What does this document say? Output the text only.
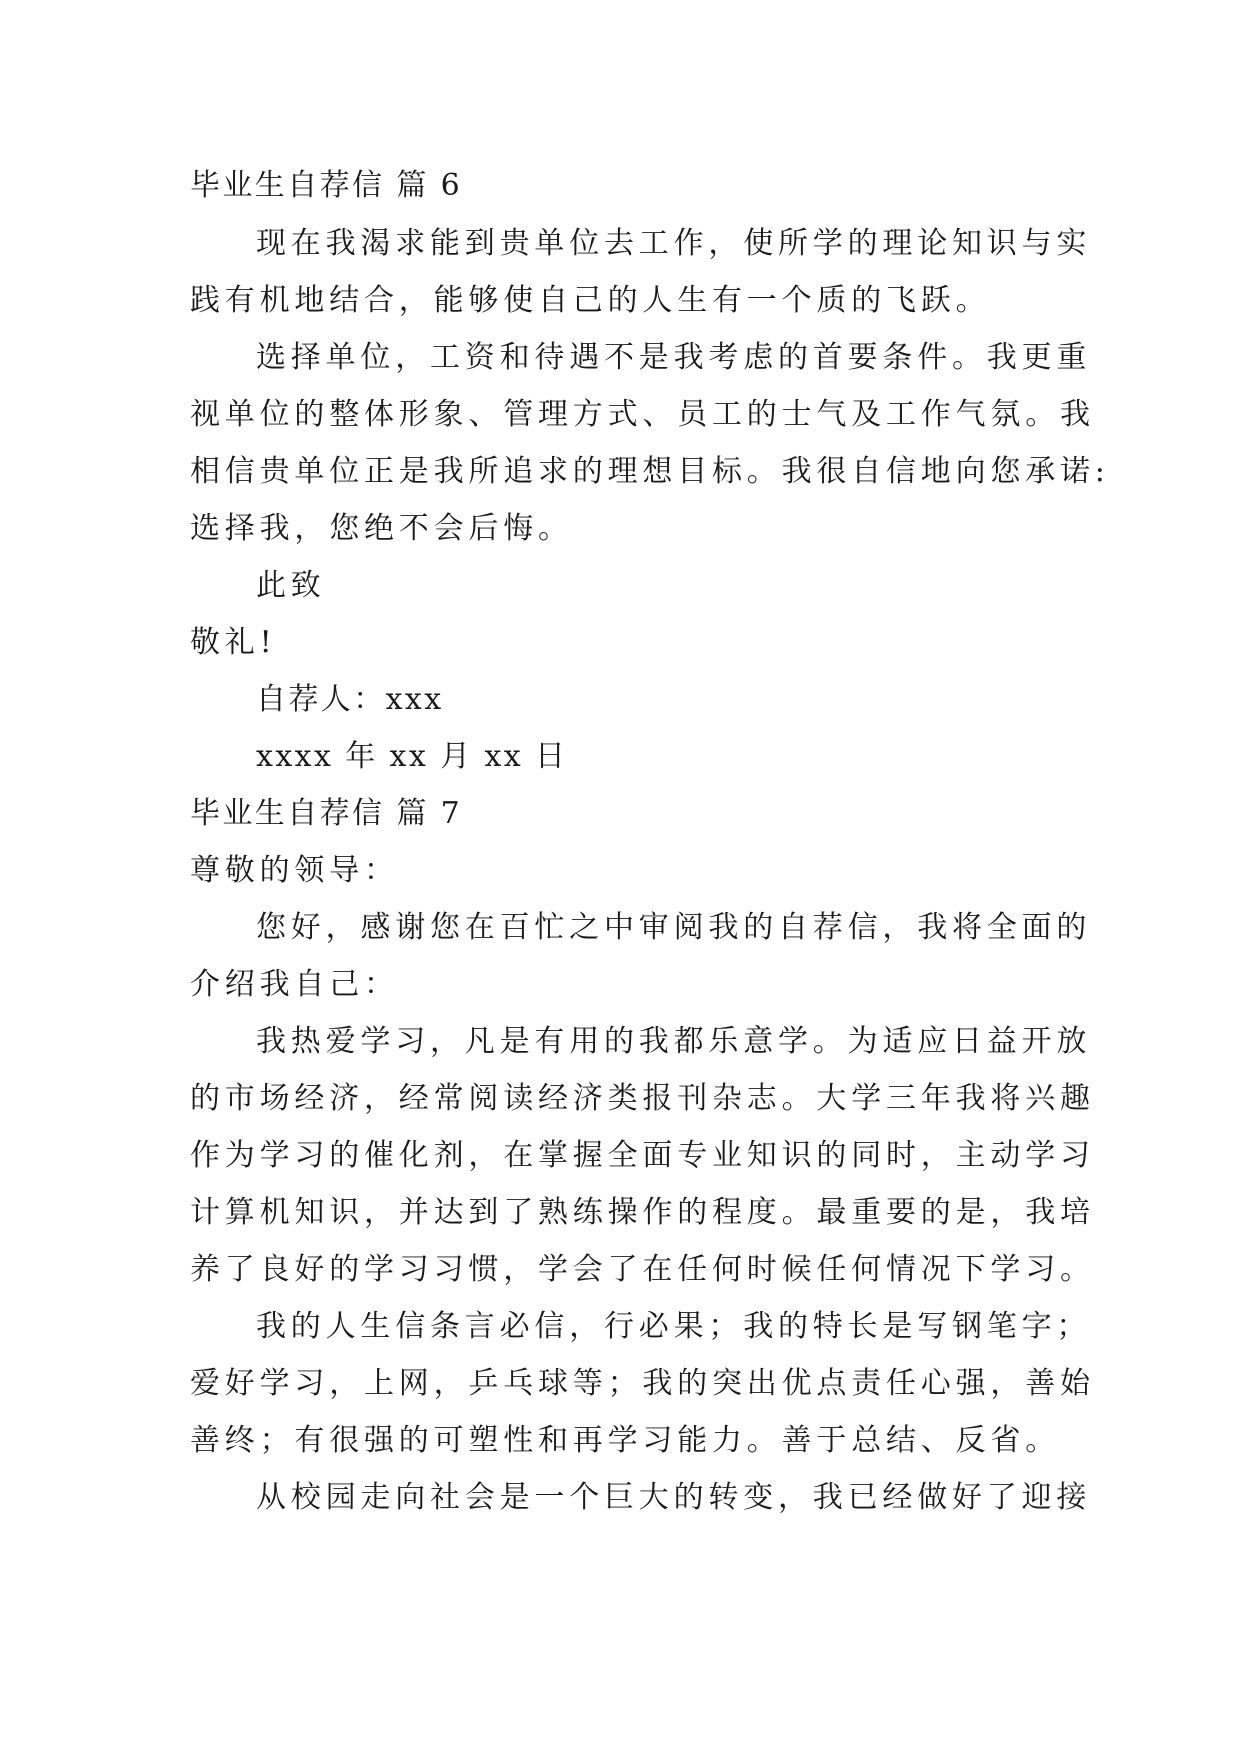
毕业生自荐信 篇 6
现在我渴求能到贵单位去工作，使所学的理论知识与实
践有机地结合，能够使自己的人生有一个质的飞跃。
选择单位，工资和待遇不是我考虑的首要条件。我更重
视单位的整体形象、管理方式、员工的士气及工作气氛。我
相信贵单位正是我所追求的理想目标。我很自信地向您承诺:
选择我，您绝不会后悔。
此致
敬礼!
自荐人：xxx
xxxx 年 xx 月 xx 日
毕业生自荐信 篇 7
尊敬的领导：
您好，感谢您在百忙之中审阅我的自荐信，我将全面的
介绍我自己：
我热爱学习，凡是有用的我都乐意学。为适应日益开放
的市场经济，经常阅读经济类报刊杂志。大学三年我将兴趣
作为学习的催化剂，在掌握全面专业知识的同时，主动学习
计算机知识，并达到了熟练操作的程度。最重要的是，我培
养了良好的学习习惯，学会了在任何时候任何情况下学习。
我的人生信条言必信，行必果；我的特长是写钢笔字；
爱好学习，上网，乒乓球等；我的突出优点责任心强，善始
善终；有很强的可塑性和再学习能力。善于总结、反省。
从校园走向社会是一个巨大的转变，我已经做好了迎接
